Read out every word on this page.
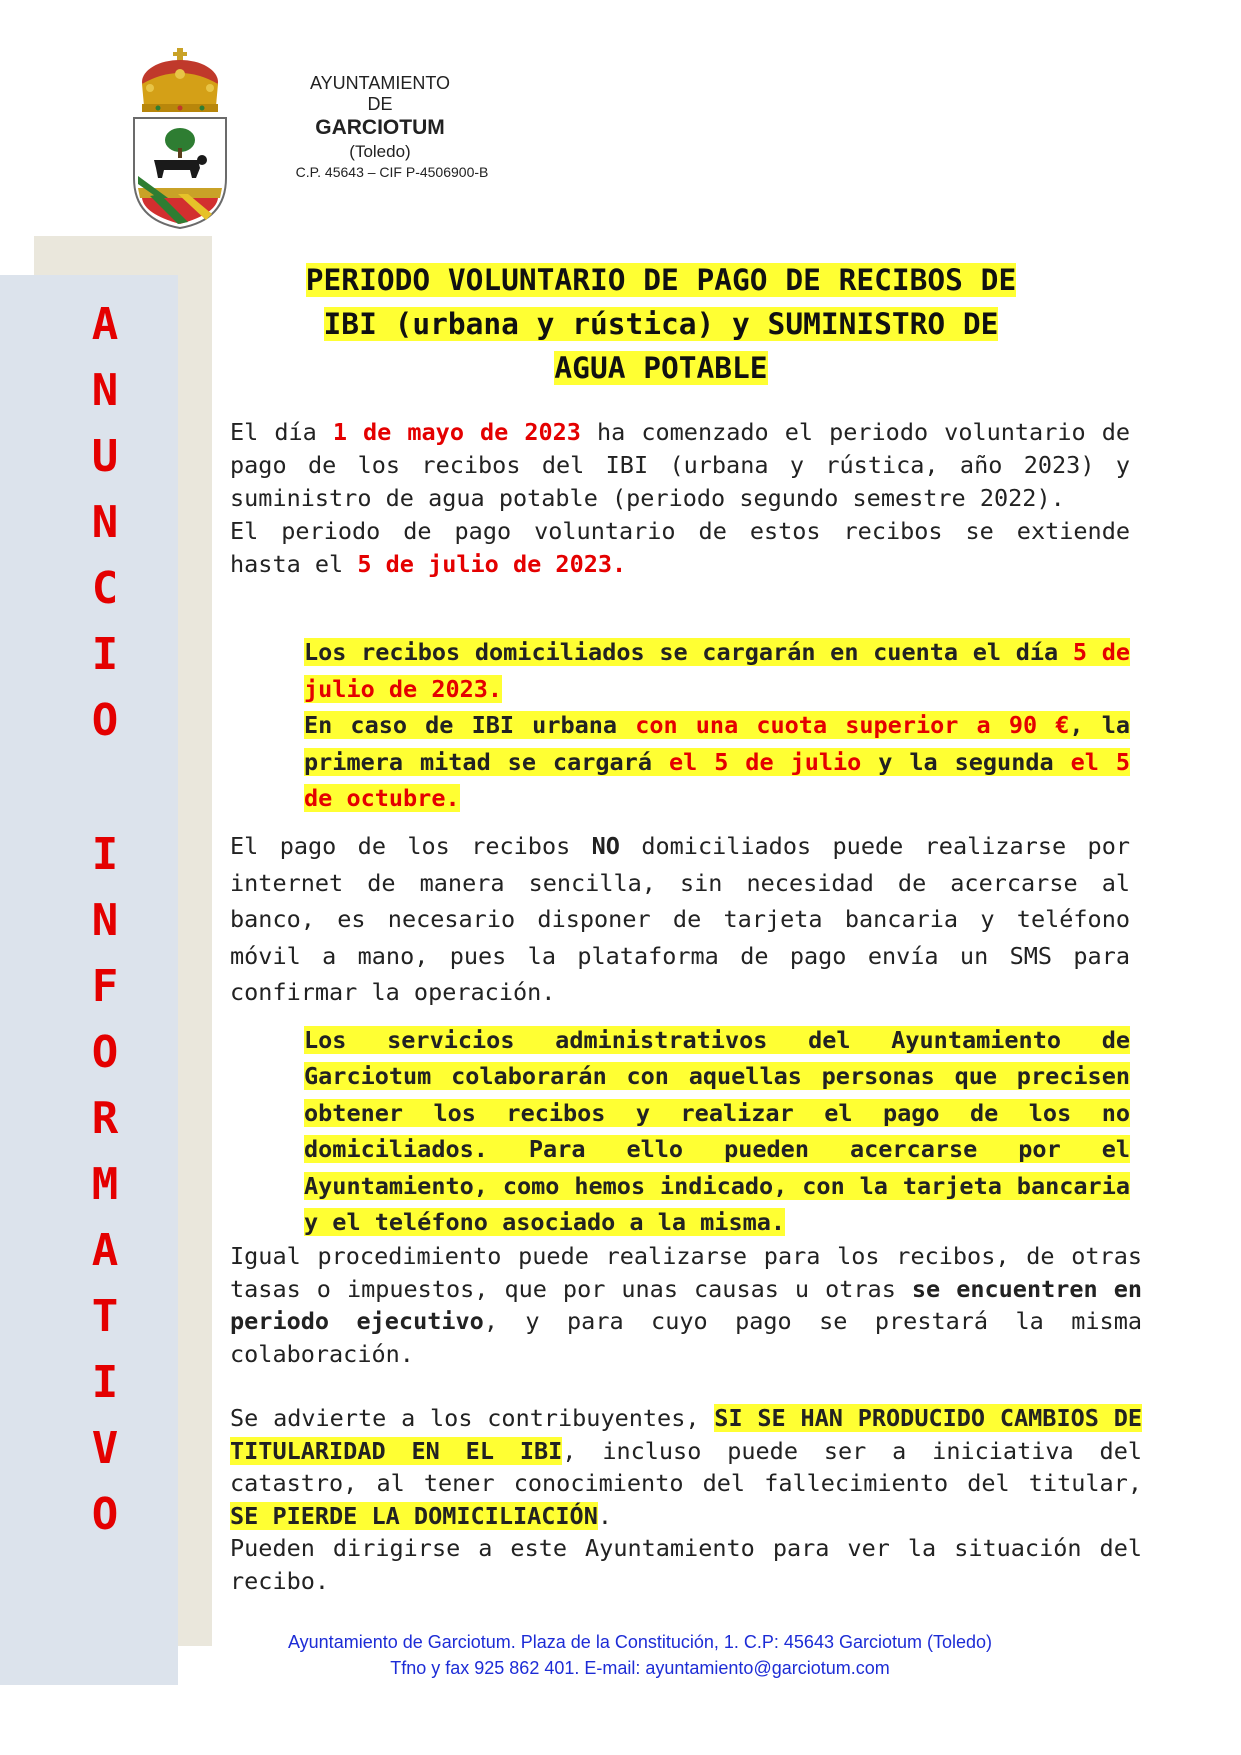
A
N
U
N
C
I
O
I
N
F
O
R
M
A
T
I
V
O
AYUNTAMIENTO
DE
GARCIOTUM
(Toledo)
C.P. 45643 – CIF P-4506900-B
PERIODO VOLUNTARIO DE PAGO DE RECIBOS DE
IBI (urbana y rústica) y SUMINISTRO DE
AGUA POTABLE
El día 1 de mayo de 2023 ha comenzado el periodo voluntario de pago de los recibos del IBI (urbana y rústica, año 2023) y suministro de agua potable (periodo segundo semestre 2022).
El periodo de pago voluntario de estos recibos se extiende hasta el 5 de julio de 2023.
Los recibos domiciliados se cargarán en cuenta el día 5 de julio de 2023.
En caso de IBI urbana con una cuota superior a 90 €, la primera mitad se cargará el 5 de julio y la segunda el 5 de octubre.
El pago de los recibos NO domiciliados puede realizarse por internet de manera sencilla, sin necesidad de acercarse al banco, es necesario disponer de tarjeta bancaria y teléfono móvil a mano, pues la plataforma de pago envía un SMS para confirmar la operación.
Los servicios administrativos del Ayuntamiento de Garciotum colaborarán con aquellas personas que precisen obtener los recibos y realizar el pago de los no domiciliados. Para ello pueden acercarse por el Ayuntamiento, como hemos indicado, con la tarjeta bancaria y el teléfono asociado a la misma.
Igual procedimiento puede realizarse para los recibos, de otras tasas o impuestos, que por unas causas u otras se encuentren en periodo ejecutivo, y para cuyo pago se prestará la misma colaboración.
Se advierte a los contribuyentes, SI SE HAN PRODUCIDO CAMBIOS DE TITULARIDAD EN EL IBI, incluso puede ser a iniciativa del catastro, al tener conocimiento del fallecimiento del titular, SE PIERDE LA DOMICILIACIÓN.
Pueden dirigirse a este Ayuntamiento para ver la situación del recibo.
Ayuntamiento de Garciotum. Plaza de la Constitución, 1. C.P: 45643 Garciotum (Toledo)
Tfno y fax 925 862 401. E-mail: ayuntamiento@garciotum.com
